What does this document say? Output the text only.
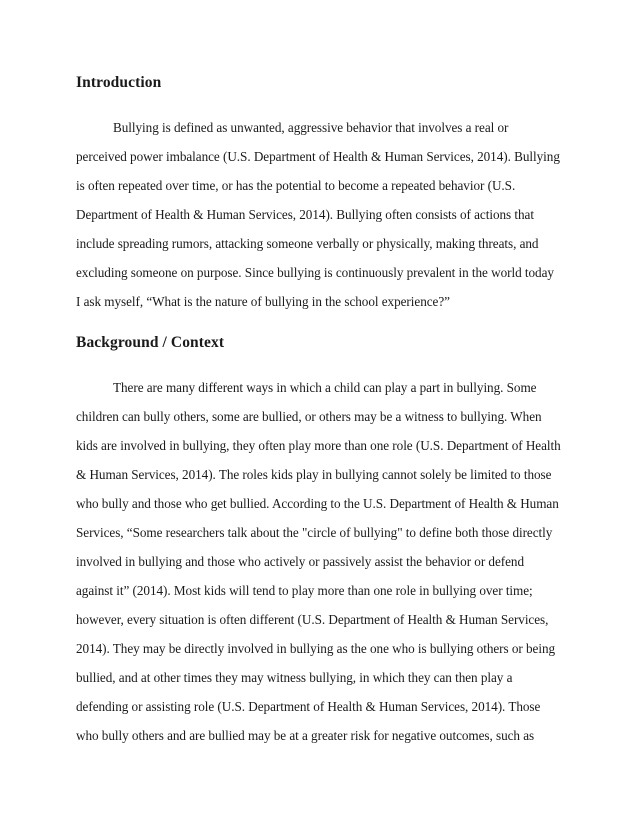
Introduction
Bullying is defined as unwanted, aggressive behavior that involves a real or
perceived power imbalance (U.S. Department of Health & Human Services, 2014). Bullying
is often repeated over time, or has the potential to become a repeated behavior (U.S.
Department of Health & Human Services, 2014). Bullying often consists of actions that
include spreading rumors, attacking someone verbally or physically, making threats, and
excluding someone on purpose. Since bullying is continuously prevalent in the world today
I ask myself, “What is the nature of bullying in the school experience?”
Background / Context
There are many different ways in which a child can play a part in bullying. Some
children can bully others, some are bullied, or others may be a witness to bullying. When
kids are involved in bullying, they often play more than one role (U.S. Department of Health
& Human Services, 2014). The roles kids play in bullying cannot solely be limited to those
who bully and those who get bullied. According to the U.S. Department of Health & Human
Services, “Some researchers talk about the "circle of bullying" to define both those directly
involved in bullying and those who actively or passively assist the behavior or defend
against it” (2014). Most kids will tend to play more than one role in bullying over time;
however, every situation is often different (U.S. Department of Health & Human Services,
2014). They may be directly involved in bullying as the one who is bullying others or being
bullied, and at other times they may witness bullying, in which they can then play a
defending or assisting role (U.S. Department of Health & Human Services, 2014). Those
who bully others and are bullied may be at a greater risk for negative outcomes, such as
